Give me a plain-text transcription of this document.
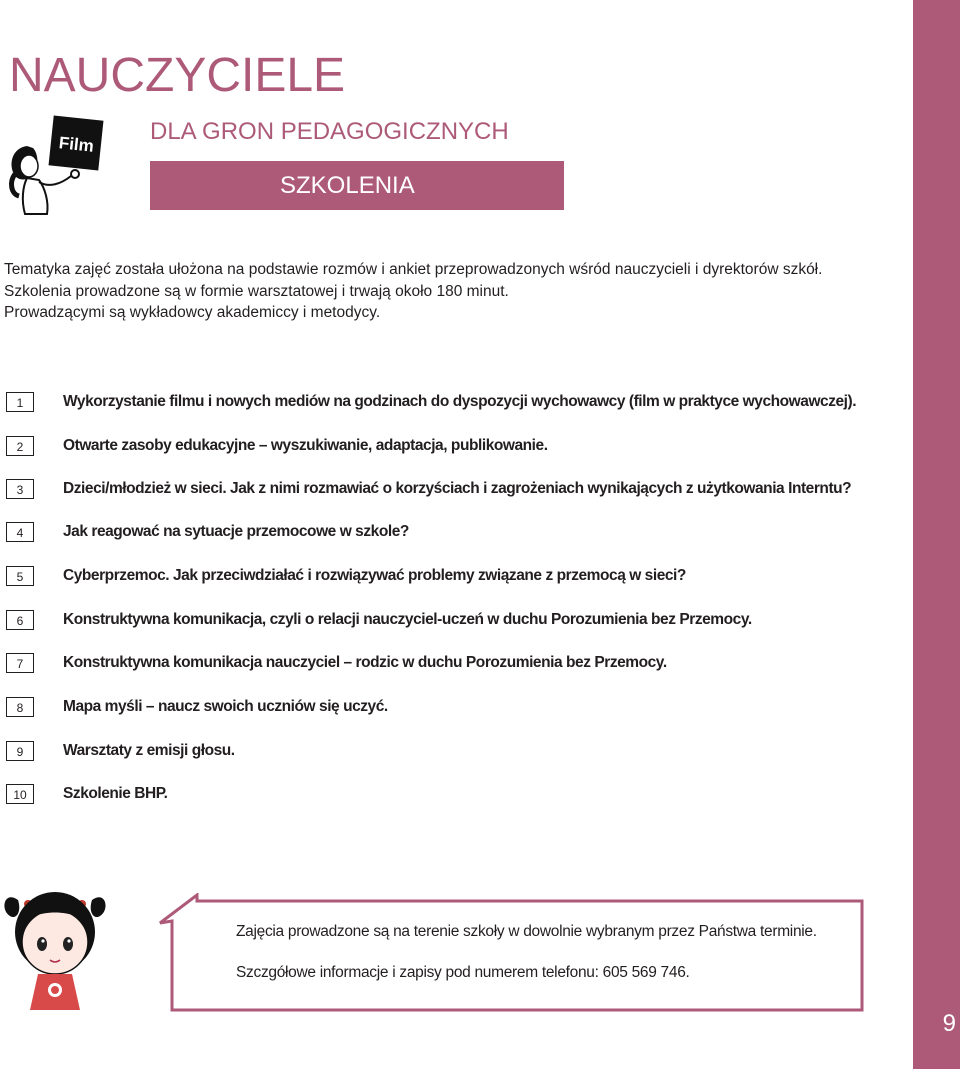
9
NAUCZYCIELE
Film DLA GRON PEDAGOGICZNYCH
SZKOLENIA

Tematyka zajęć została ułożona na podstawie rozmów i ankiet przeprowadzonych wśród nauczycieli i dyrektorów szkół.

Szkolenia prowadzone są w formie warsztatowej i trwają około 180 minut.

Prowadzącymi są wykładowcy akademiccy i metodycy.

1	Wykorzystanie filmu i nowych mediów na godzinach do dyspozycji wychowawcy (film w praktyce wychowawczej).
2	Otwarte zasoby edukacyjne – wyszukiwanie, adaptacja, publikowanie.
3	Dzieci/młodzież w sieci. Jak z nimi rozmawiać o korzyściach i zagrożeniach wynikających z użytkowania Interntu?
4	Jak reagować na sytuacje przemocowe w szkole?
5	Cyberprzemoc. Jak przeciwdziałać i rozwiązywać problemy związane z przemocą w sieci?
6	Konstruktywna komunikacja, czyli o relacji nauczyciel-uczeń w duchu Porozumienia bez Przemocy.
7	Konstruktywna komunikacja nauczyciel – rodzic w duchu Porozumienia bez Przemocy.
8	Mapa myśli – naucz swoich uczniów się uczyć.
9	Warsztaty z emisji głosu.
10	Szkolenie BHP.
Zajęcia prowadzone są na terenie szkoły w dowolnie wybranym przez Państwa terminie.
Szczgółowe informacje i zapisy pod numerem telefonu: 605 569 746.
